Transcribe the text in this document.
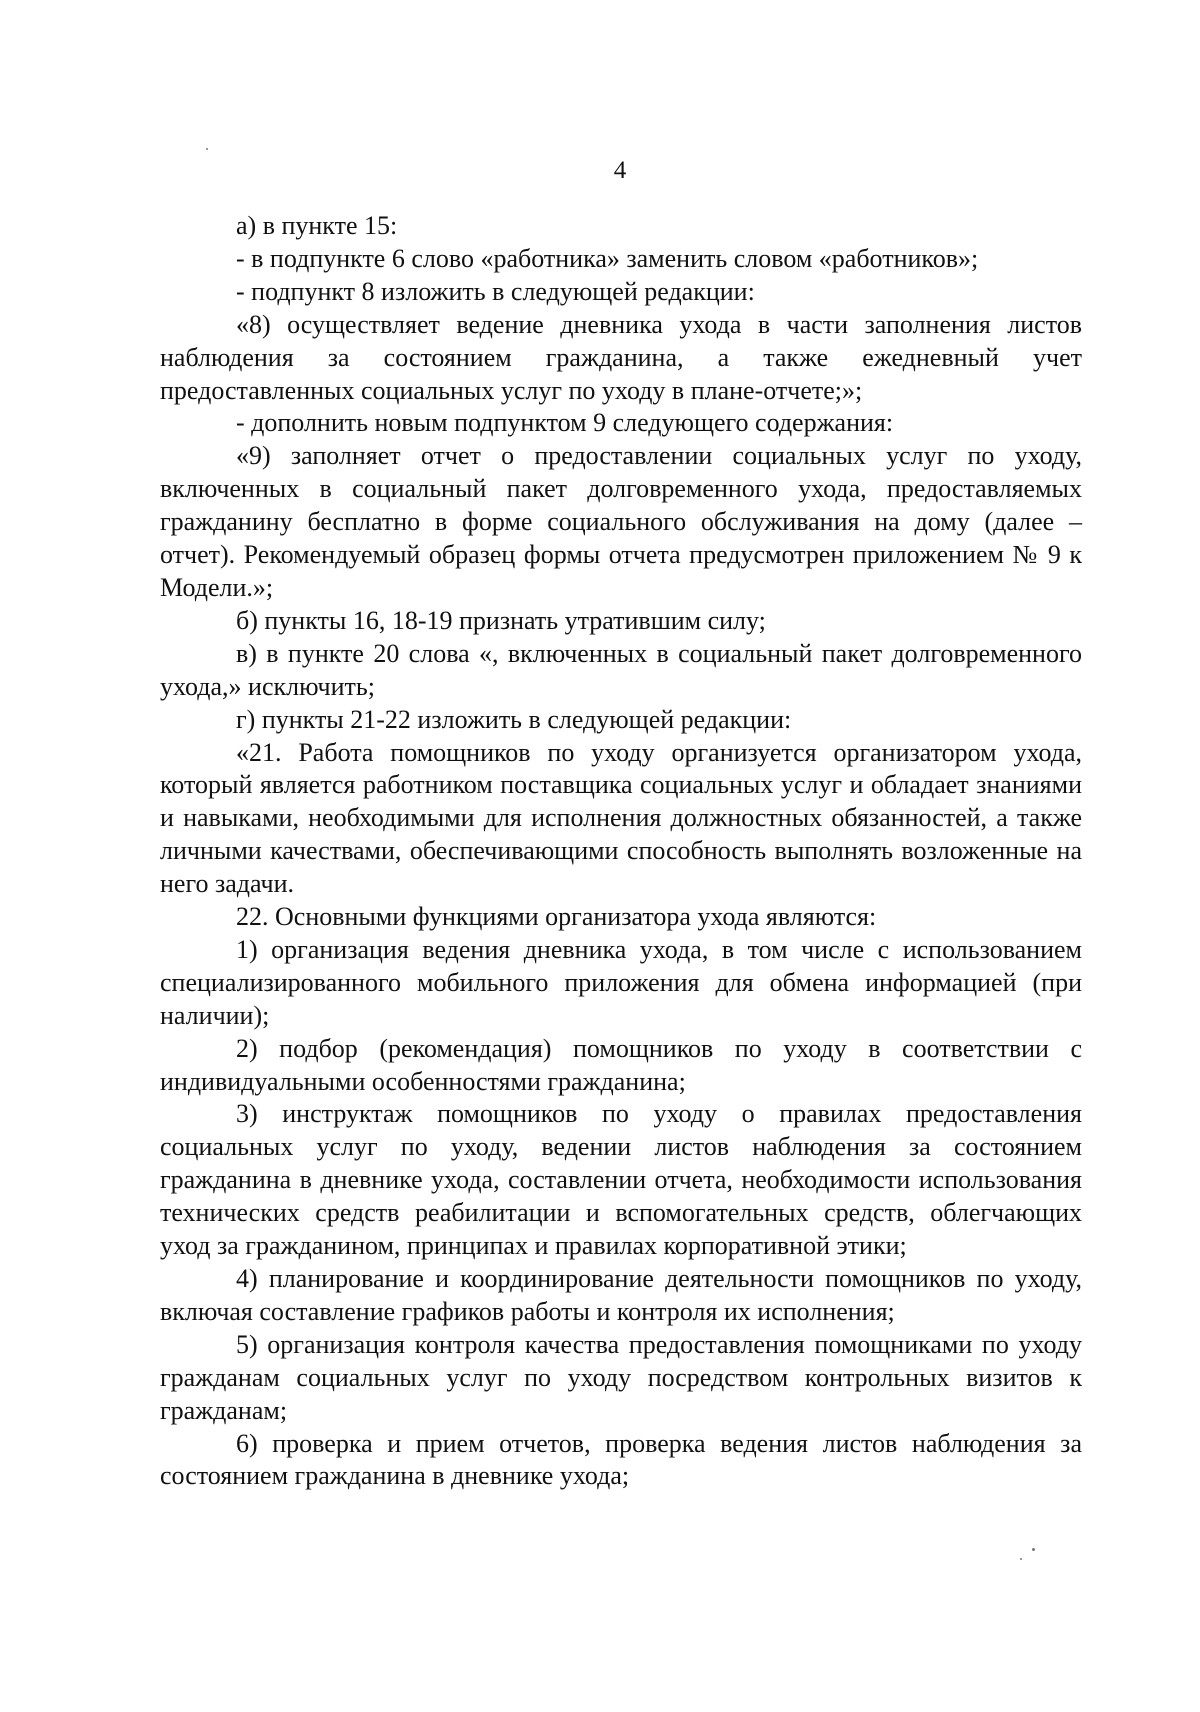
4

а) в пункте 15:

- в подпункте 6 слово «работника» заменить словом «работников»;

- подпункт 8 изложить в следующей редакции:

«8) осуществляет ведение дневника ухода в части заполнения листов наблюдения за состоянием гражданина, а также ежедневный учет предоставленных социальных услуг по уходу в плане-отчете;»;

- дополнить новым подпунктом 9 следующего содержания:

«9) заполняет отчет о предоставлении социальных услуг по уходу, включенных в социальный пакет долговременного ухода, предоставляемых гражданину бесплатно в форме социального обслуживания на дому (далее – отчет). Рекомендуемый образец формы отчета предусмотрен приложением № 9 к Модели.»;

б) пункты 16, 18-19 признать утратившим силу;

в) в пункте 20 слова «, включенных в социальный пакет долговременного ухода,» исключить;

г) пункты 21-22 изложить в следующей редакции:

«21. Работа помощников по уходу организуется организатором ухода, который является работником поставщика социальных услуг и обладает знаниями и навыками, необходимыми для исполнения должностных обязанностей, а также личными качествами, обеспечивающими способность выполнять возложенные на него задачи.

22. Основными функциями организатора ухода являются:

1) организация ведения дневника ухода, в том числе с использованием специализированного мобильного приложения для обмена информацией (при наличии);

2) подбор (рекомендация) помощников по уходу в соответствии с индивидуальными особенностями гражданина;

3) инструктаж помощников по уходу о правилах предоставления социальных услуг по уходу, ведении листов наблюдения за состоянием гражданина в дневнике ухода, составлении отчета, необходимости использования технических средств реабилитации и вспомогательных средств, облегчающих уход за гражданином, принципах и правилах корпоративной этики;

4) планирование и координирование деятельности помощников по уходу, включая составление графиков работы и контроля их исполнения;

5) организация контроля качества предоставления помощниками по уходу гражданам социальных услуг по уходу посредством контрольных визитов к гражданам;

6) проверка и прием отчетов, проверка ведения листов наблюдения за состоянием гражданина в дневнике ухода;
